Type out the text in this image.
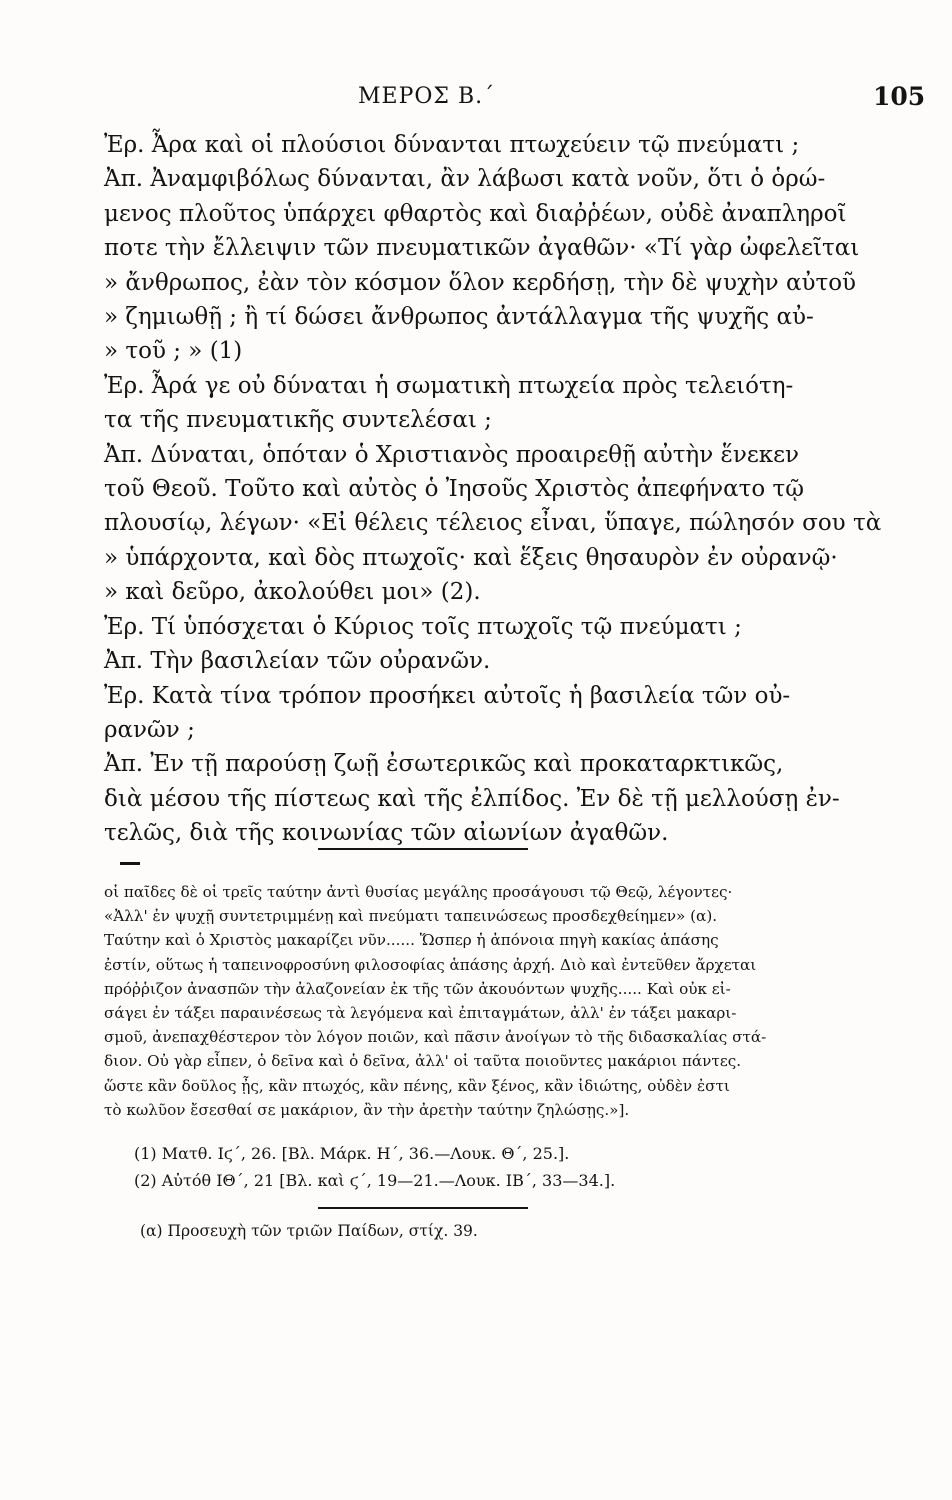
ΜΕΡΟΣ Β.΄	105

Ἐρ. Ἆρα καὶ οἱ πλούσιοι δύνανται πτωχεύειν τῷ πνεύματι ;

Ἀπ. Ἀναμφιβόλως δύνανται, ἂν λάβωσι κατὰ νοῦν, ὅτι ὁ ὁρώ-
μενος πλοῦτος ὑπάρχει φθαρτὸς καὶ διαῤῥέων, οὐδὲ ἀναπληροῖ
ποτε τὴν ἔλλειψιν τῶν πνευματικῶν ἀγαθῶν· «Τί γὰρ ὠφελεῖται
» ἄνθρωπος, ἐὰν τὸν κόσμον ὅλον κερδήσῃ, τὴν δὲ ψυχὴν αὐτοῦ
» ζημιωθῇ ; ἢ τί δώσει ἄνθρωπος ἀντάλλαγμα τῆς ψυχῆς αὐ-
» τοῦ ; » (1)

Ἐρ. Ἆρά γε οὐ δύναται ἡ σωματικὴ πτωχεία πρὸς τελειότη-
τα τῆς πνευματικῆς συντελέσαι ;

Ἀπ. Δύναται, ὁπόταν ὁ Χριστιανὸς προαιρεθῇ αὐτὴν ἕνεκεν
τοῦ Θεοῦ. Τοῦτο καὶ αὐτὸς ὁ Ἰησοῦς Χριστὸς ἀπεφήνατο τῷ
πλουσίῳ, λέγων· «Εἰ θέλεις τέλειος εἶναι, ὕπαγε, πώλησόν σου τὰ
» ὑπάρχοντα, καὶ δὸς πτωχοῖς· καὶ ἕξεις θησαυρὸν ἐν οὐρανῷ·
» καὶ δεῦρο, ἀκολούθει μοι» (2).

Ἐρ. Τί ὑπόσχεται ὁ Κύριος τοῖς πτωχοῖς τῷ πνεύματι ;

Ἀπ. Τὴν βασιλείαν τῶν οὐρανῶν.

Ἐρ. Κατὰ τίνα τρόπον προσήκει αὐτοῖς ἡ βασιλεία τῶν οὐ-
ρανῶν ;

Ἀπ. Ἐν τῇ παρούσῃ ζωῇ ἐσωτερικῶς καὶ προκαταρκτικῶς,
διὰ μέσου τῆς πίστεως καὶ τῆς ἐλπίδος. Ἐν δὲ τῇ μελλούσῃ ἐν-
τελῶς, διὰ τῆς κοινωνίας τῶν αἰωνίων ἀγαθῶν.

οἱ παῖδες δὲ οἱ τρεῖς ταύτην ἀντὶ θυσίας μεγάλης προσάγουσι τῷ Θεῷ, λέγοντες·
«Ἀλλ' ἐν ψυχῇ συντετριμμένῃ καὶ πνεύματι ταπεινώσεως προσδεχθείημεν» (α).
Ταύτην καὶ ὁ Χριστὸς μακαρίζει νῦν...... Ὥσπερ ἡ ἀπόνοια πηγὴ κακίας ἁπάσης
ἐστίν, οὕτως ἡ ταπεινοφροσύνη φιλοσοφίας ἁπάσης ἀρχή. Διὸ καὶ ἐντεῦθεν ἄρχεται
πρόῤῥιζον ἀνασπῶν τὴν ἀλαζονείαν ἐκ τῆς τῶν ἀκουόντων ψυχῆς..... Καὶ οὐκ εἰ-
σάγει ἐν τάξει παραινέσεως τὰ λεγόμενα καὶ ἐπιταγμάτων, ἀλλ' ἐν τάξει μακαρι-
σμοῦ, ἀνεπαχθέστερον τὸν λόγον ποιῶν, καὶ πᾶσιν ἀνοίγων τὸ τῆς διδασκαλίας στά-
διον. Οὐ γὰρ εἶπεν, ὁ δεῖνα καὶ ὁ δεῖνα, ἀλλ' οἱ ταῦτα ποιοῦντες μακάριοι πάντες.
ὥστε κἂν δοῦλος ᾖς, κἂν πτωχός, κἂν πένης, κἂν ξένος, κἂν ἰδιώτης, οὐδὲν ἐστι
τὸ κωλῦον ἔσεσθαί σε μακάριον, ἂν τὴν ἀρετὴν ταύτην ζηλώσῃς.»].
(1) Ματθ. Ιϛ΄, 26. [Βλ. Μάρκ. Η΄, 36.—Λουκ. Θ΄, 25.].
(2) Αὐτόθ ΙΘ΄, 21 [Βλ. καὶ ϛ΄, 19—21.—Λουκ. ΙΒ΄, 33—34.].
(α) Προσευχὴ τῶν τριῶν Παίδων, στίχ. 39.
